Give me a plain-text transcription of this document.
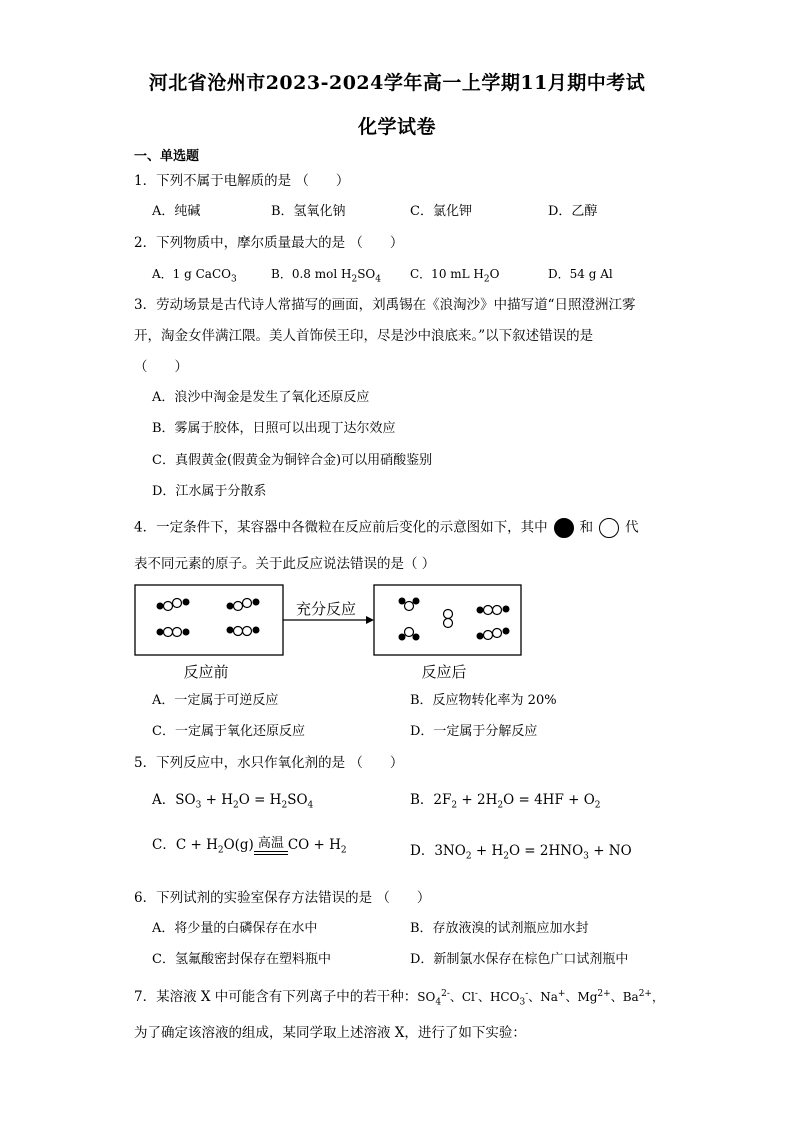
河北省沧州市2023-2024学年高一上学期11月期中考试
化学试卷
一、单选题
1．下列不属于电解质的是 （　　）
A．纯碱	B．氢氧化钠	C．氯化钾	D．乙醇
2．下列物质中，摩尔质量最大的是 （　　）
A．1 g CaCO$_3$	B．0.8 mol $H_2SO_4$ C．10 mL $H_2O$	D．54 g Al
3．劳动场景是古代诗人常描写的画面，刘禹锡在《浪淘沙》中描写道“日照澄洲江雾
开，淘金女伴满江隈。美人首饰侯王印，尽是沙中浪底来。”以下叙述错误的是
（　　）
A．浪沙中淘金是发生了氧化还原反应
B．雾属于胶体，日照可以出现丁达尔效应
C．真假黄金(假黄金为铜锌合金)可以用硝酸鉴别
D．江水属于分散系
4．一定条件下，某容器中各微粒在反应前后变化的示意图如下，其中 和 代
表不同元素的原子。关于此反应说法错误的是（ ）
充分反应
反应前	反应后
A．一定属于可逆反应	B．反应物转化率为 20%
C．一定属于氧化还原反应	D．一定属于分解反应
5．下列反应中，水只作氧化剂的是 （　　）
A．$SO_3 + H_2O = H_2SO_4$	B．$2F_2 + 2H_2O = 4HF + O_2$
C．$C + H_2O(g)$ 高温 CO + $H_2$	D．$3NO_2 + H_2O = 2HNO_3$ + NO
6．下列试剂的实验室保存方法错误的是 （　　）
A．将少量的白磷保存在水中	B．存放液溴的试剂瓶应加水封
C．氢氟酸密封保存在塑料瓶中	D．新制氯水保存在棕色广口试剂瓶中
7．某溶液 X 中可能含有下列离子中的若干种：$SO_4^{2-}$、Cl-、$HCO_3^-$、Na+、$Mg^{2+}$、$Ba^{2+}$，
为了确定该溶液的组成，某同学取上述溶液 X，进行了如下实验：
